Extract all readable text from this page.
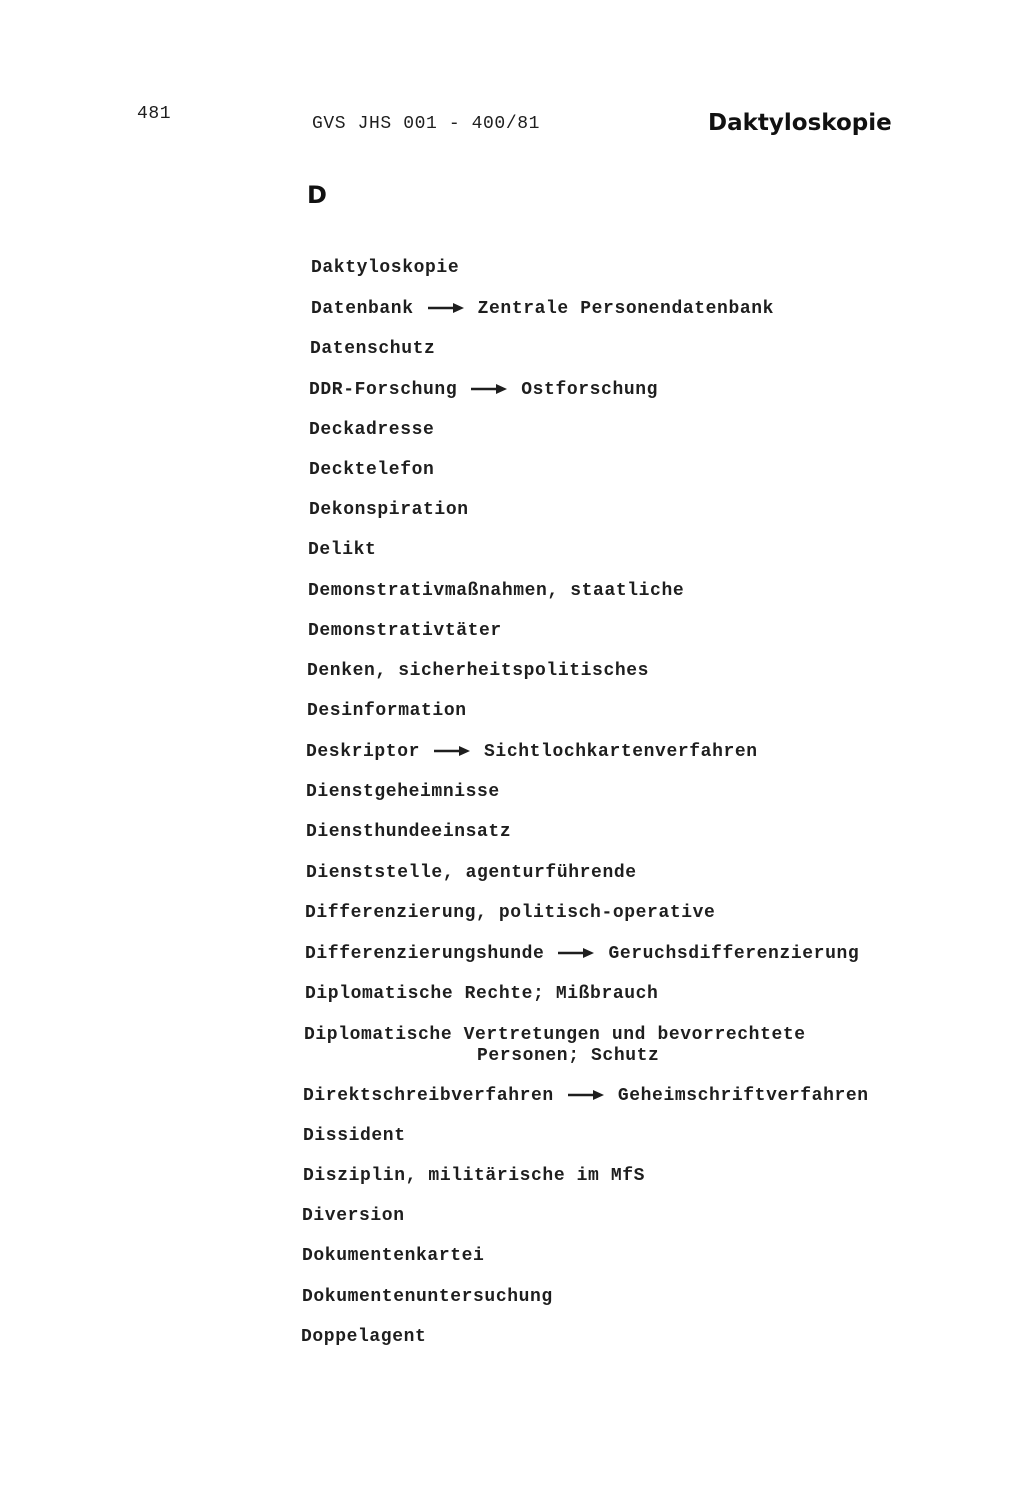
481	GVS JHS 001 - 400/81	Daktyloskopie
D
Daktyloskopie
Datenbank	Zentrale Personendatenbank
Datenschutz
DDR-Forschung	Ostforschung
Deckadresse
Decktelefon
Dekonspiration
Delikt
Demonstrativmaßnahmen, staatliche
Demonstrativtäter
Denken, sicherheitspolitisches
Desinformation
Deskriptor	Sichtlochkartenverfahren
Dienstgeheimnisse
Diensthundeeinsatz
Dienststelle, agenturführende
Differenzierung, politisch-operative
Differenzierungshunde	Geruchsdifferenzierung
Diplomatische Rechte; Mißbrauch
Diplomatische Vertretungen und bevorrechtete
Personen; Schutz
Direktschreibverfahren	Geheimschriftverfahren
Dissident
Disziplin, militärische im MfS
Diversion
Dokumentenkartei
Dokumentenuntersuchung
Doppelagent
